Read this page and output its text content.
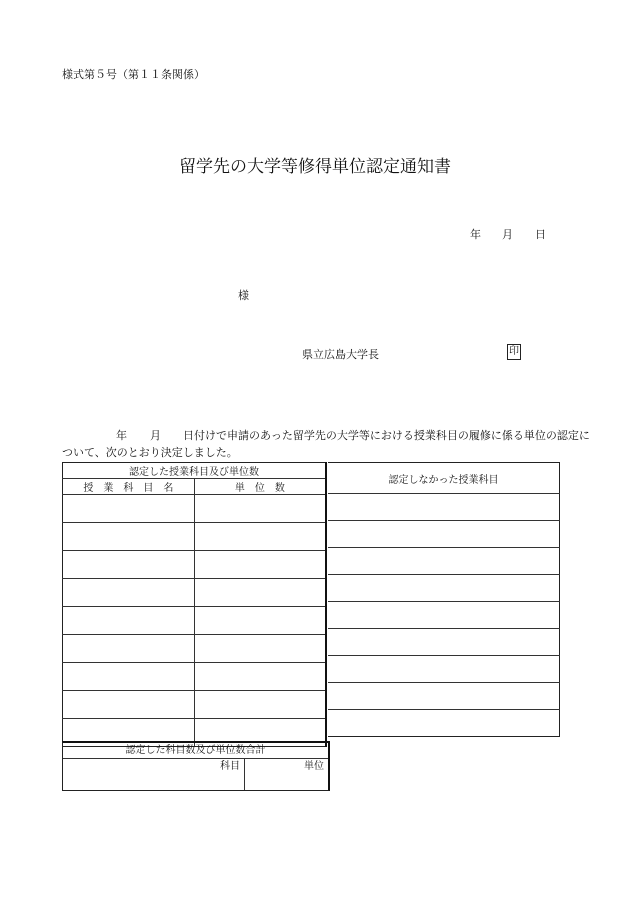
様式第５号（第１１条関係）
留学先の大学等修得単位認定通知書
年 月 日
様
県立広島大学長	印
年 月 日付けで申請のあった留学先の大学等における授業科目の履修に係る単位の認定に
ついて、次のとおり決定しました。
認定した授業科目及び単位数	
授　業　科　目　名	単　位　数

認定しなかった授業科目

認定した科目数及び単位数合計
科目	単位
